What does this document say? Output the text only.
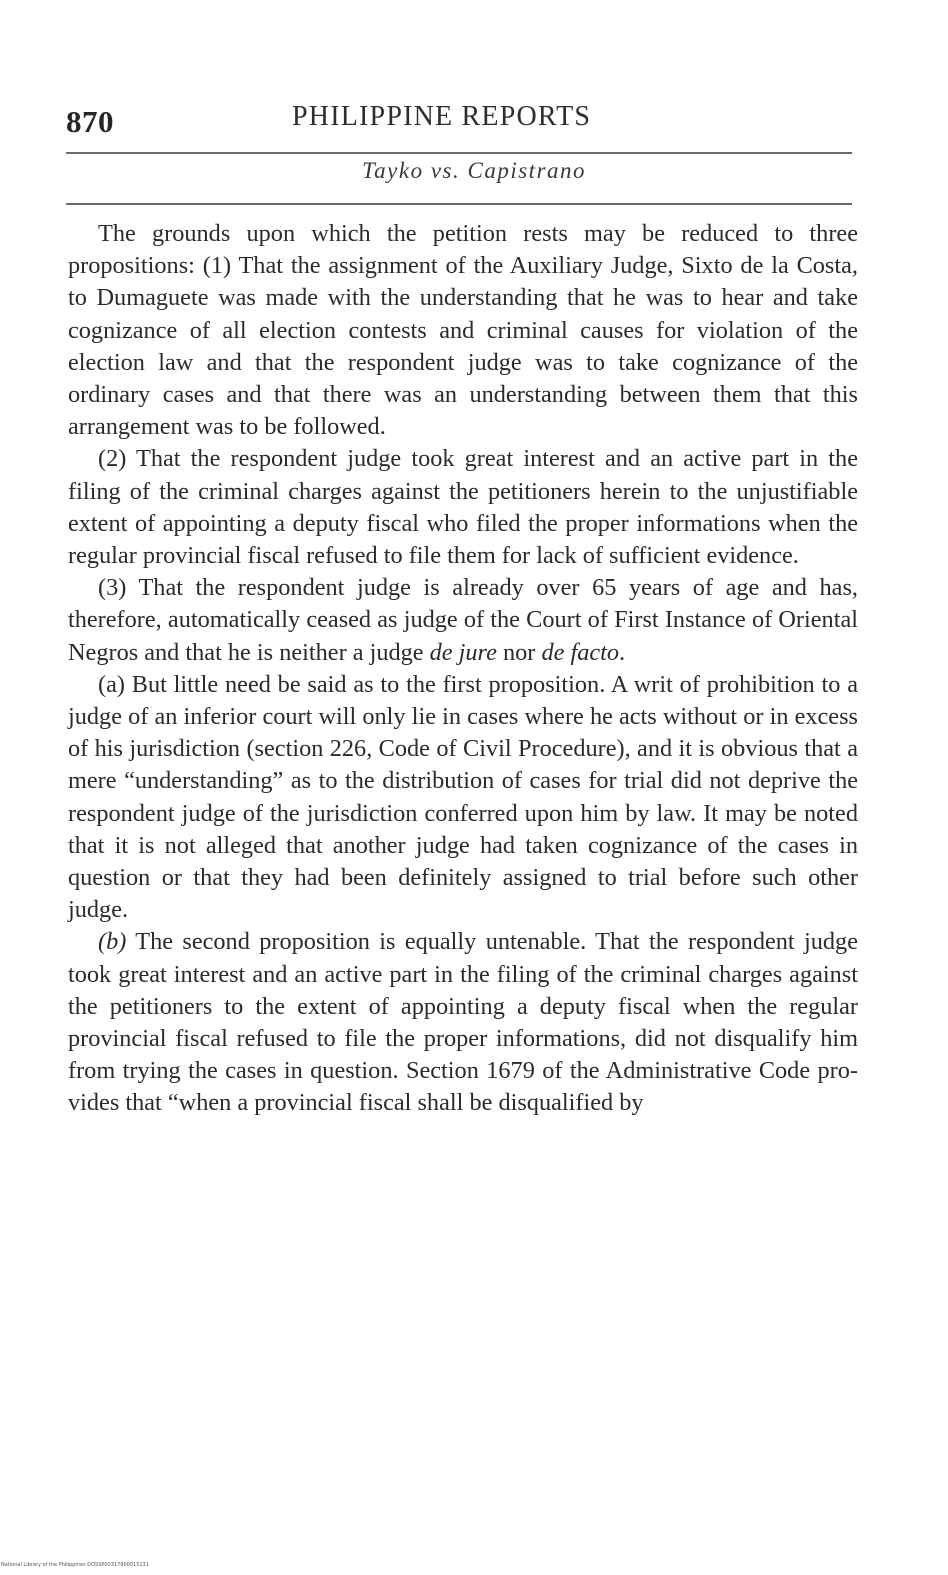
870	PHILIPPINE REPORTS
Tayko vs. Capistrano

The grounds upon which the petition rests may be reduced to three propositions: (1) That the assignment of the Auxiliary Judge, Sixto de la Costa, to Dumaguete was made with the understanding that he was to hear and take cognizance of all election contests and criminal causes for violation of the election law and that the respondent judge was to take cognizance of the ordinary cases and that there was an understanding between them that this arrangement was to be followed.

(2) That the respondent judge took great interest and an active part in the filing of the criminal charges against the petitioners herein to the unjustifiable extent of appointing a deputy fiscal who filed the proper informations when the regular provincial fiscal refused to file them for lack of sufficient evidence.

(3) That the respondent judge is already over 65 years of age and has, therefore, automatically ceased as judge of the Court of First Instance of Oriental Negros and that he is neither a judge de jure nor de facto.

(a) But little need be said as to the first proposition. A writ of prohibition to a judge of an inferior court will only lie in cases where he acts without or in excess of his jurisdiction (section 226, Code of Civil Procedure), and it is obvious that a mere “understanding” as to the distribution of cases for trial did not deprive the respondent judge of the jurisdiction conferred upon him by law. It may be noted that it is not alleged that another judge had taken cognizance of the cases in question or that they had been definitely assigned to trial before such other judge.

(b) The second proposition is equally untenable. That the respondent judge took great interest and an active part in the filing of the criminal charges against the petitioners to the extent of appointing a deputy fiscal when the regular provincial fiscal refused to file the proper informations, did not disqualify him from trying the cases in question. Section 1679 of the Administrative Code provides that “when a provincial fiscal shall be disqualified by

National Library of the Philippines DOSSP00317900015131
